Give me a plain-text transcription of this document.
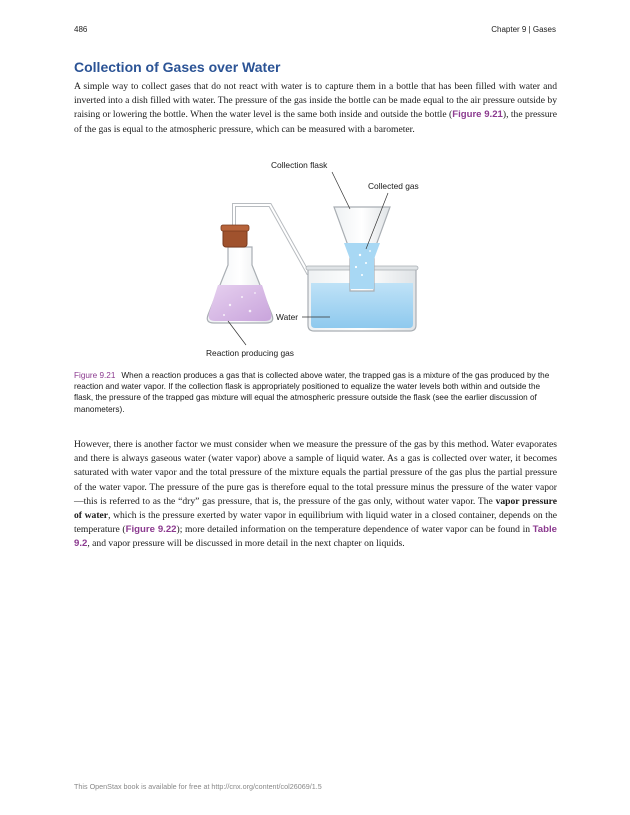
486	Chapter 9 | Gases
Collection of Gases over Water

A simple way to collect gases that do not react with water is to capture them in a bottle that has been filled with water and inverted into a dish filled with water. The pressure of the gas inside the bottle can be made equal to the air pressure outside by raising or lowering the bottle. When the water level is the same both inside and outside the bottle (Figure 9.21), the pressure of the gas is equal to the atmospheric pressure, which can be measured with a barometer.

Collection flask
Collected gas
Water
Reaction producing gas

Figure 9.21 When a reaction produces a gas that is collected above water, the trapped gas is a mixture of the gas produced by the reaction and water vapor. If the collection flask is appropriately positioned to equalize the water levels both within and outside the flask, the pressure of the trapped gas mixture will equal the atmospheric pressure outside the flask (see the earlier discussion of manometers).

However, there is another factor we must consider when we measure the pressure of the gas by this method. Water evaporates and there is always gaseous water (water vapor) above a sample of liquid water. As a gas is collected over water, it becomes saturated with water vapor and the total pressure of the mixture equals the partial pressure of the gas plus the partial pressure of the water vapor. The pressure of the pure gas is therefore equal to the total pressure minus the pressure of the water vapor—this is referred to as the “dry” gas pressure, that is, the pressure of the gas only, without water vapor. The vapor pressure of water, which is the pressure exerted by water vapor in equilibrium with liquid water in a closed container, depends on the temperature (Figure 9.22); more detailed information on the temperature dependence of water vapor can be found in Table 9.2, and vapor pressure will be discussed in more detail in the next chapter on liquids.

This OpenStax book is available for free at http://cnx.org/content/col26069/1.5
